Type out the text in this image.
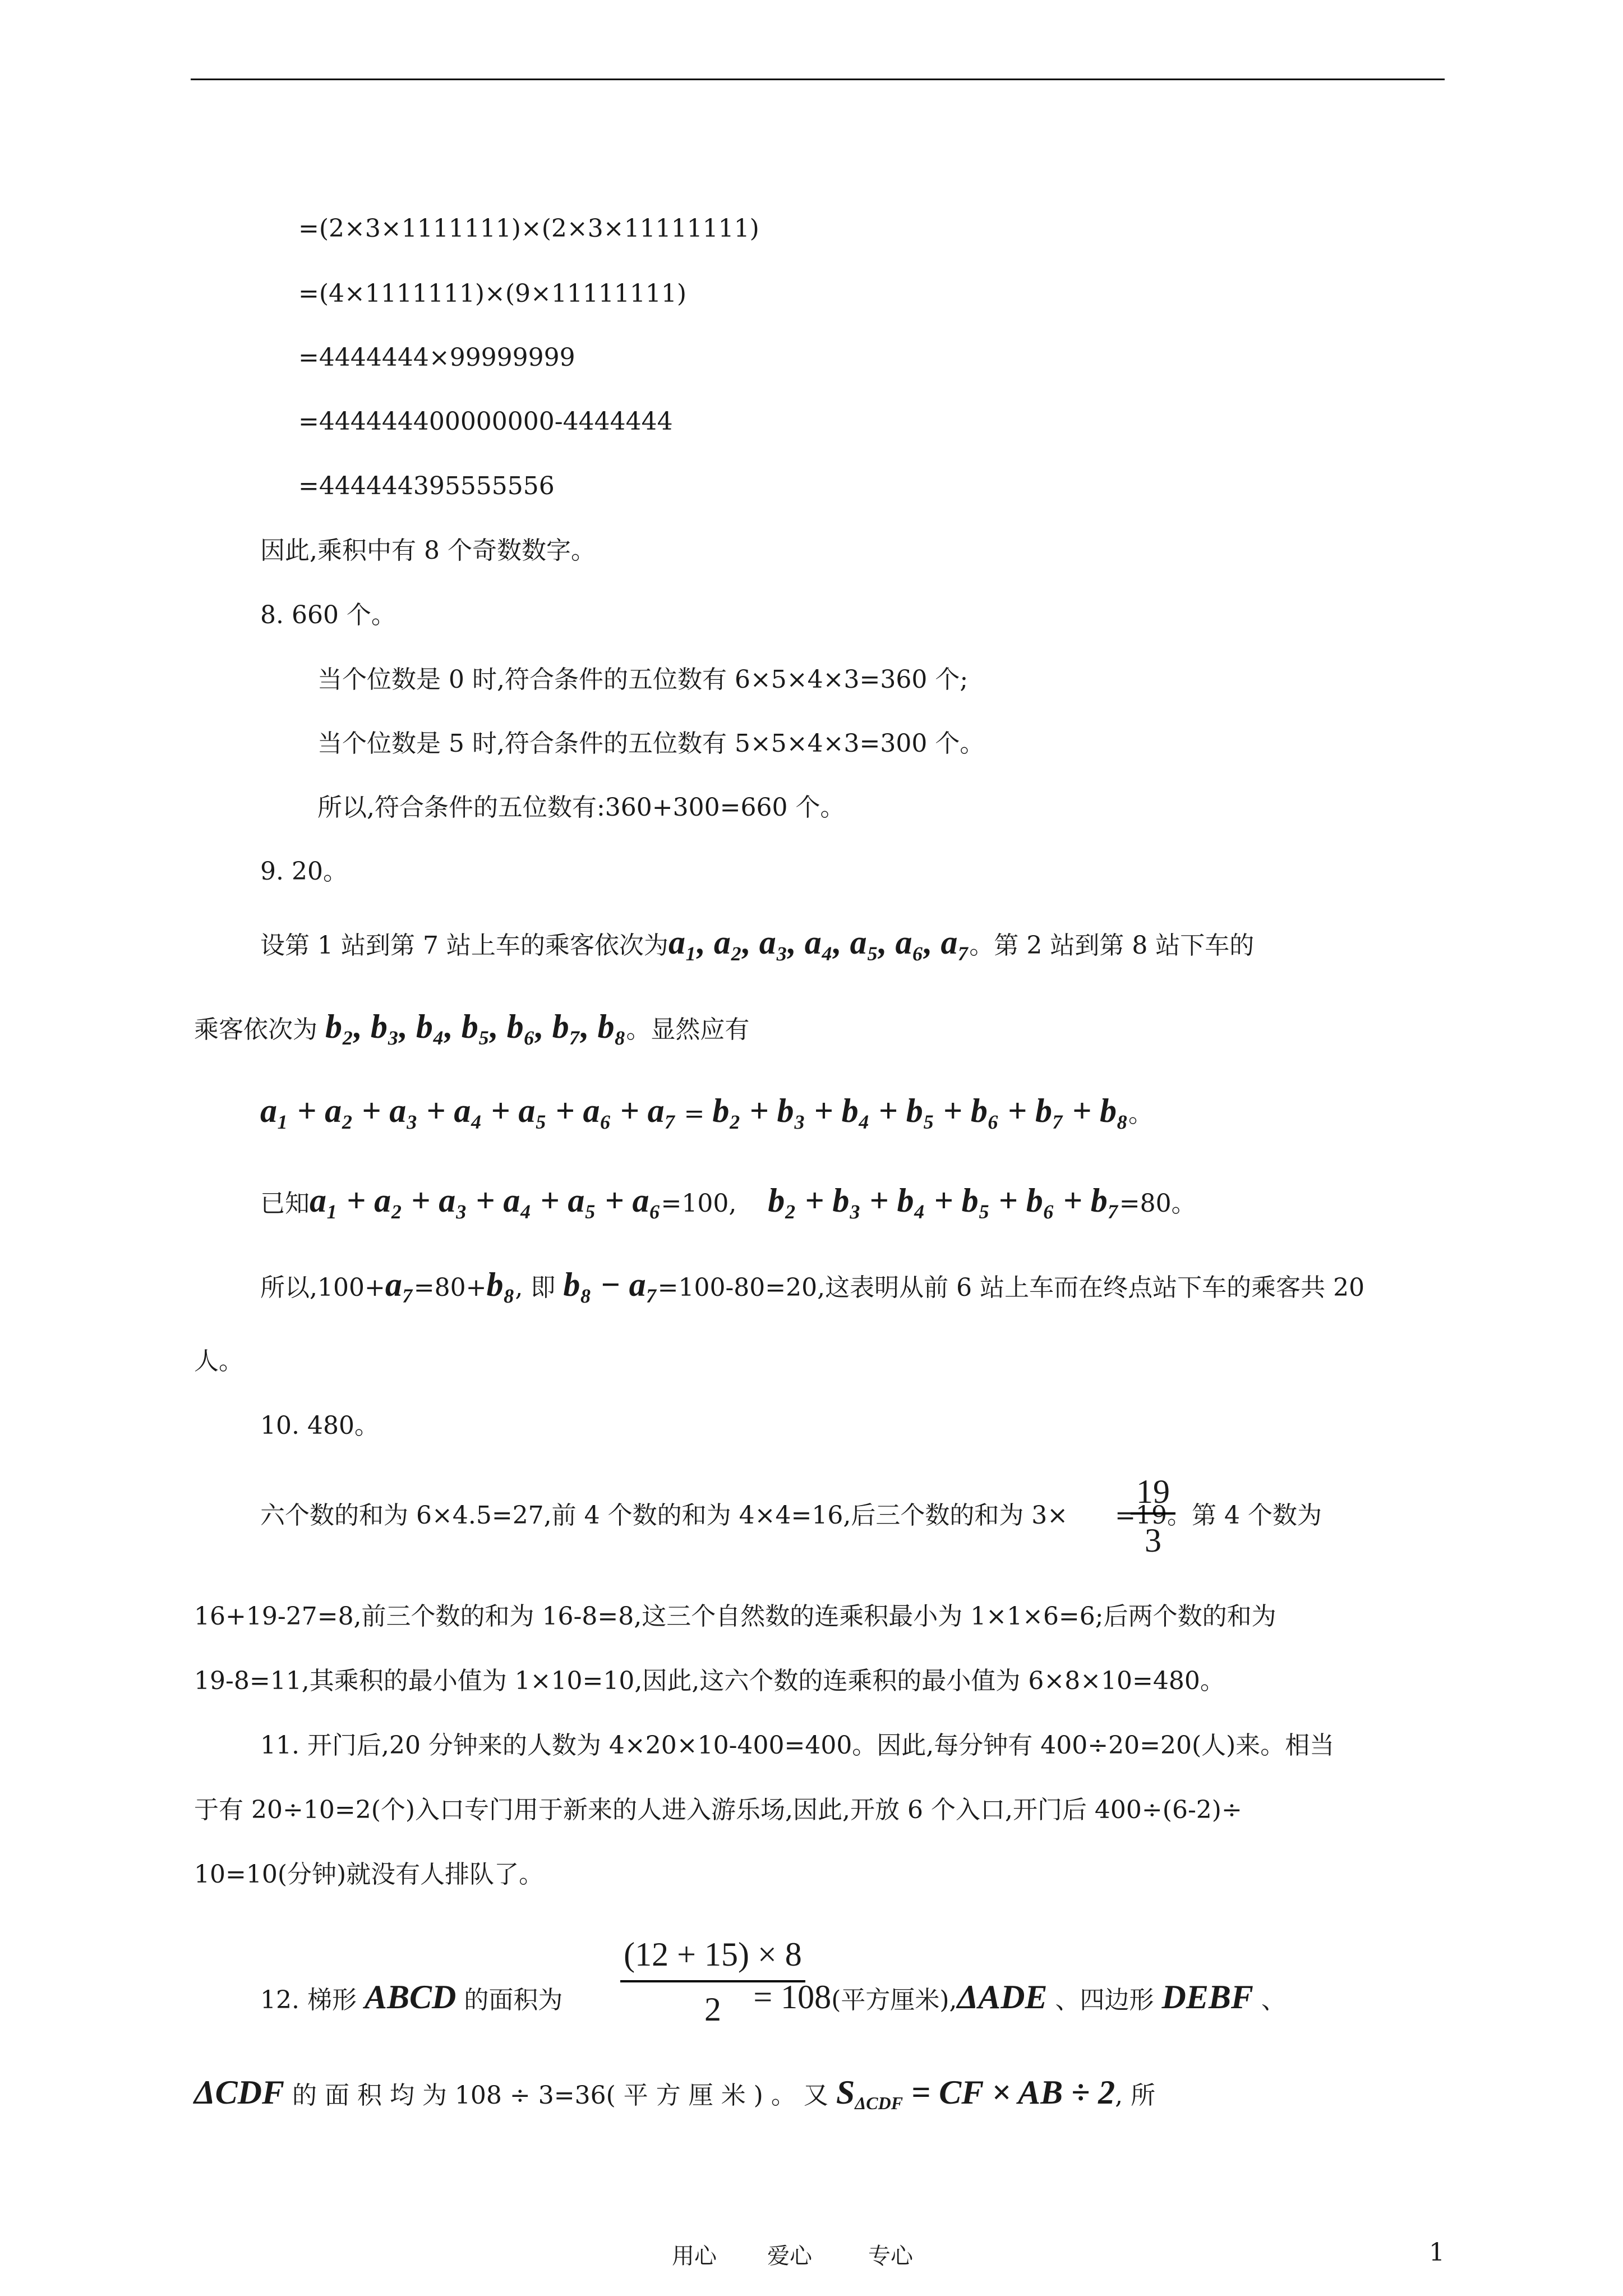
=(2×3×1111111)×(2×3×11111111)
=(4×1111111)×(9×11111111)
=4444444×99999999
=444444400000000-4444444
=444444395555556
因此,乘积中有 8 个奇数数字。
8. 660 个。
当个位数是 0 时,符合条件的五位数有 6×5×4×3=360 个;
当个位数是 5 时,符合条件的五位数有 5×5×4×3=300 个。
所以,符合条件的五位数有:360+300=660 个。
9. 20。
设第 1 站到第 7 站上车的乘客依次为a₁, a₂, a₃, a₄, a₅, a₆, a₇。第 2 站到第 8 站下车的
乘客依次为 b₂, b₃, b₄, b₅, b₆, b₇, b₈。显然应有
a₁ + a₂ + a₃ + a₄ + a₅ + a₆ + a₇ = b₂ + b₃ + b₄ + b₅ + b₆ + b₇ + b₈。
已知a₁ + a₂ + a₃ + a₄ + a₅ + a₆=100, b₂ + b₃ + b₄ + b₅ + b₆ + b₇=80。
所以,100+a₇=80+b₈, 即 b₈ − a₇=100-80=20,这表明从前 6 站上车而在终点站下车的乘客共 20
人。
10. 480。
六个数的和为 6×4.5=27,前 4 个数的和为 4×4=16,后三个数的和为 3× =19。第 4 个数为
19
3
16+19-27=8,前三个数的和为 16-8=8,这三个自然数的连乘积最小为 1×1×6=6;后两个数的和为
19-8=11,其乘积的最小值为 1×10=10,因此,这六个数的连乘积的最小值为 6×8×10=480。
11. 开门后,20 分钟来的人数为 4×20×10-400=400。因此,每分钟有 400÷20=20(人)来。相当
于有 20÷10=2(个)入口专门用于新来的人进入游乐场,因此,开放 6 个入口,开门后 400÷(6-2)÷
10=10(分钟)就没有人排队了。
12. 梯形 ABCD 的面积为	= 108(平方厘米),ΔADE 、四边形 DEBF 、
(12 + 15) × 8
2
ΔCDF 的 面 积 均 为 108 ÷ 3=36( 平 方 厘 米 ) 。 又 $S_{\Delta CDF}$ = CF × AB ÷ 2, 所
用心 爱心	专心	1
